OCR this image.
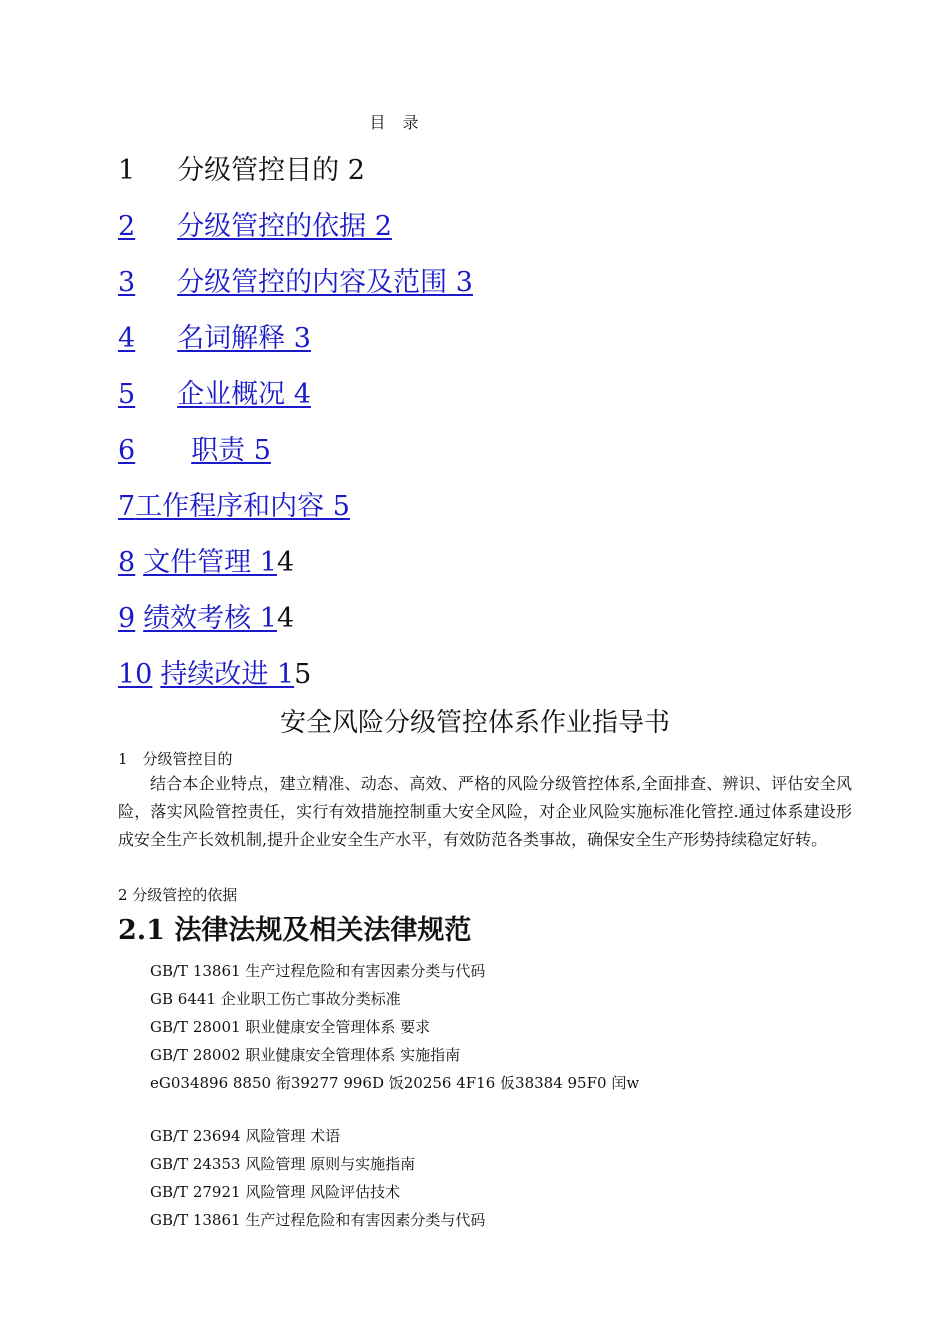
目 录
1 分级管控目的 2
2 分级管控的依据 2
3 分级管控的内容及范围 3
4 名词解释 3
5 企业概况 4
6 职责 5
7工作程序和内容 5
8 文件管理 14
9 绩效考核 14
10 持续改进 15
安全风险分级管控体系作业指导书
1　分级管控目的
结合本企业特点，建立精准、动态、高效、严格的风险分级管控体系,全面排查、辨识、评估安全风险，落实风险管控责任，实行有效措施控制重大安全风险，对企业风险实施标准化管控.通过体系建设形成安全生产长效机制,提升企业安全生产水平，有效防范各类事故，确保安全生产形势持续稳定好转。
2 分级管控的依据
2.1 法律法规及相关法律规范
GB/T 13861 生产过程危险和有害因素分类与代码
GB 6441 企业职工伤亡事故分类标准
GB/T 28001 职业健康安全管理体系 要求
GB/T 28002 职业健康安全管理体系 实施指南
eG034896 8850 衔39277 996D 饭20256 4F16 仮38384 95F0 闰w
GB/T 23694 风险管理 术语
GB/T 24353 风险管理 原则与实施指南
GB/T 27921 风险管理 风险评估技术
GB/T 13861 生产过程危险和有害因素分类与代码
